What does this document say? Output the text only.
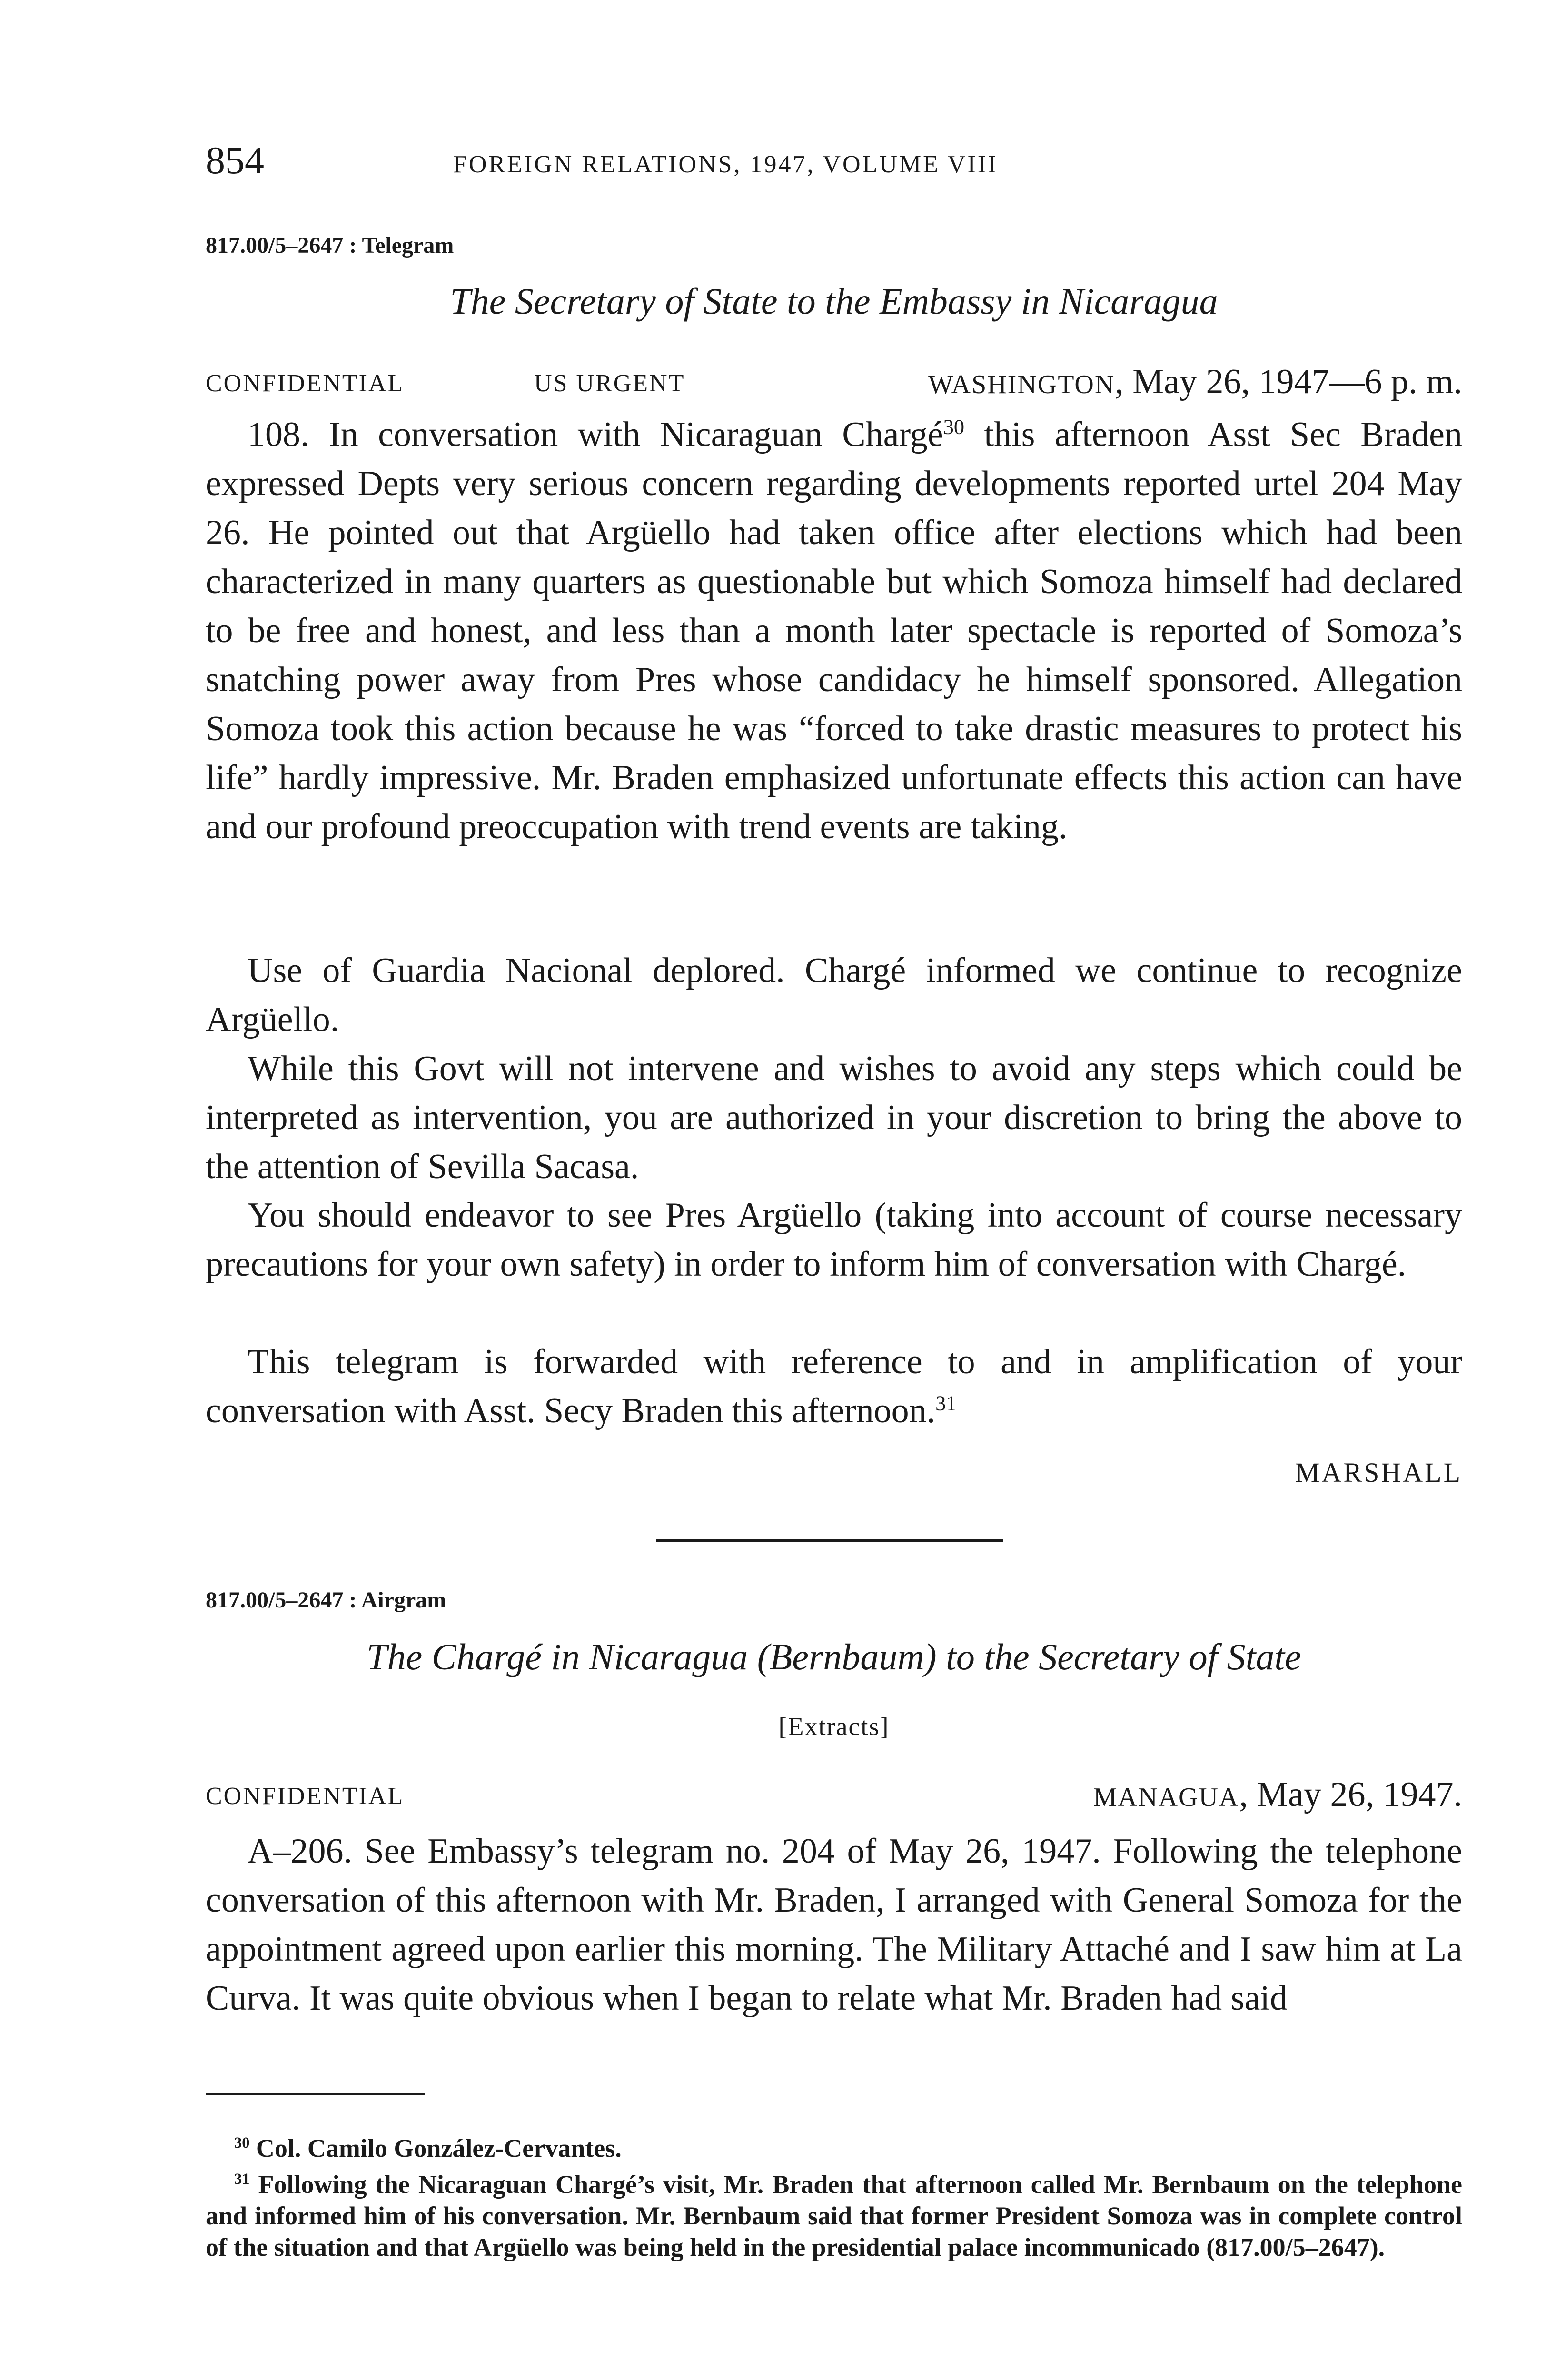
854	FOREIGN RELATIONS, 1947, VOLUME VIII
817.00/5–2647 : Telegram
The Secretary of State to the Embassy in Nicaragua
CONFIDENTIAL	US URGENT	WASHINGTON, May 26, 1947—6 p. m.

108. In conversation with Nicaraguan Chargé$^{30}$ this afternoon Asst Sec Braden expressed Depts very serious concern regarding developments reported urtel 204 May 26. He pointed out that Argüello had taken office after elections which had been characterized in many quarters as questionable but which Somoza himself had declared to be free and honest, and less than a month later spectacle is reported of Somoza’s snatching power away from Pres whose candidacy he himself sponsored. Allegation Somoza took this action because he was “forced to take drastic measures to protect his life” hardly impressive. Mr. Braden emphasized unfortunate effects this action can have and our profound preoccupation with trend events are taking.

Use of Guardia Nacional deplored. Chargé informed we continue to recognize Argüello.

While this Govt will not intervene and wishes to avoid any steps which could be interpreted as intervention, you are authorized in your discretion to bring the above to the attention of Sevilla Sacasa.

You should endeavor to see Pres Argüello (taking into account of course necessary precautions for your own safety) in order to inform him of conversation with Chargé.

This telegram is forwarded with reference to and in amplification of your conversation with Asst. Secy Braden this afternoon.$^{31}$

MARSHALL
817.00/5–2647 : Airgram
The Chargé in Nicaragua (Bernbaum) to the Secretary of State
[Extracts]
CONFIDENTIAL	MANAGUA, May 26, 1947.

A–206. See Embassy’s telegram no. 204 of May 26, 1947. Following the telephone conversation of this afternoon with Mr. Braden, I arranged with General Somoza for the appointment agreed upon earlier this morning. The Military Attaché and I saw him at La Curva. It was quite obvious when I began to relate what Mr. Braden had said

$^{30}$ Col. Camilo González-Cervantes.

$^{31}$ Following the Nicaraguan Chargé’s visit, Mr. Braden that afternoon called Mr. Bernbaum on the telephone and informed him of his conversation. Mr. Bernbaum said that former President Somoza was in complete control of the situation and that Argüello was being held in the presidential palace incommunicado (817.00/5–2647).
